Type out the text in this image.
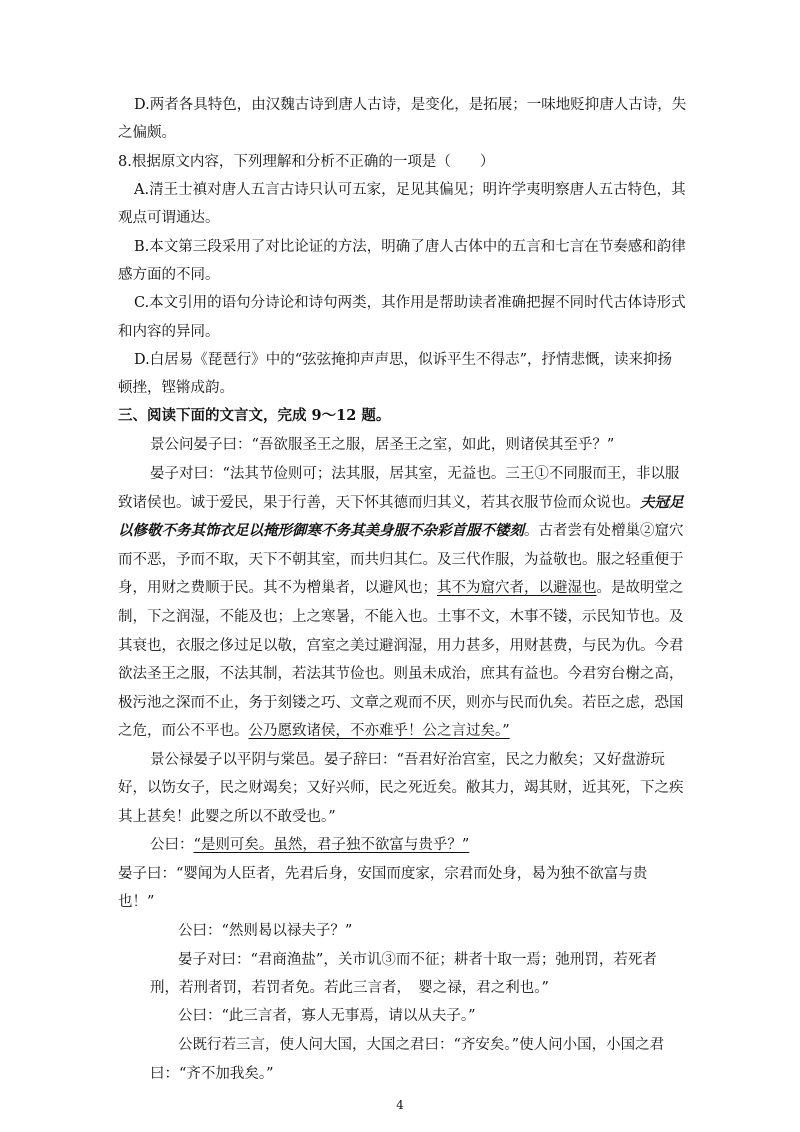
D.两者各具特色，由汉魏古诗到唐人古诗，是变化，是拓展；一味地贬抑唐人古诗，失
之偏颇。
8.根据原文内容，下列理解和分析不正确的一项是（　　）
A.清王士禛对唐人五言古诗只认可五家，足见其偏见；明许学夷明察唐人五古特色，其
观点可谓通达。
B.本文第三段采用了对比论证的方法，明确了唐人古体中的五言和七言在节奏感和韵律
感方面的不同。
C.本文引用的语句分诗论和诗句两类，其作用是帮助读者准确把握不同时代古体诗形式
和内容的异同。
D.白居易《琵琶行》中的“弦弦掩抑声声思，似诉平生不得志”，抒情悲慨，读来抑扬
顿挫，铿锵成韵。
三、阅读下面的文言文，完成 9～12 题。
景公问晏子曰：“吾欲服圣王之服，居圣王之室，如此，则诸侯其至乎？”
晏子对曰：“法其节俭则可；法其服，居其室，无益也。三王①不同服而王，非以服
致诸侯也。诚于爱民，果于行善，天下怀其德而归其义，若其衣服节俭而众说也。夫冠足
以修敬不务其饰衣足以掩形御寒不务其美身服不杂彩首服不镂刻。古者尝有处橧巢②窟穴
而不恶，予而不取，天下不朝其室，而共归其仁。及三代作服，为益敬也。服之轻重便于
身，用财之费顺于民。其不为橧巢者，以避风也；其不为窟穴者，以避湿也。是故明堂之
制，下之润湿，不能及也；上之寒暑，不能入也。土事不文，木事不镂，示民知节也。及
其衰也，衣服之侈过足以敬，宫室之美过避润湿，用力甚多，用财甚费，与民为仇。今君
欲法圣王之服，不法其制，若法其节俭也。则虽未成治，庶其有益也。今君穷台榭之高，
极污池之深而不止，务于刻镂之巧、文章之观而不厌，则亦与民而仇矣。若臣之虑，恐国
之危，而公不平也。公乃愿致诸侯，不亦难乎！公之言过矣。”
景公禄晏子以平阴与棠邑。晏子辞曰：“吾君好治宫室，民之力敝矣；又好盘游玩
好，以饬女子，民之财竭矣；又好兴师，民之死近矣。敝其力，竭其财，近其死，下之疾
其上甚矣！此婴之所以不敢受也。”
公曰：“是则可矣。虽然，君子独不欲富与贵乎？”
晏子曰：“婴闻为人臣者，先君后身，安国而度家，宗君而处身，曷为独不欲富与贵
也！”
公曰：“然则曷以禄夫子？”
晏子对曰：“君商渔盐”，关市讥③而不征；耕者十取一焉；弛刑罚，若死者
刑，若刑者罚，若罚者免。若此三言者，　婴之禄，君之利也。”
公曰：“此三言者，寡人无事焉，请以从夫子。”
公既行若三言，使人问大国，大国之君曰：“齐安矣。”使人问小国，小国之君
曰：“齐不加我矣。”
4
